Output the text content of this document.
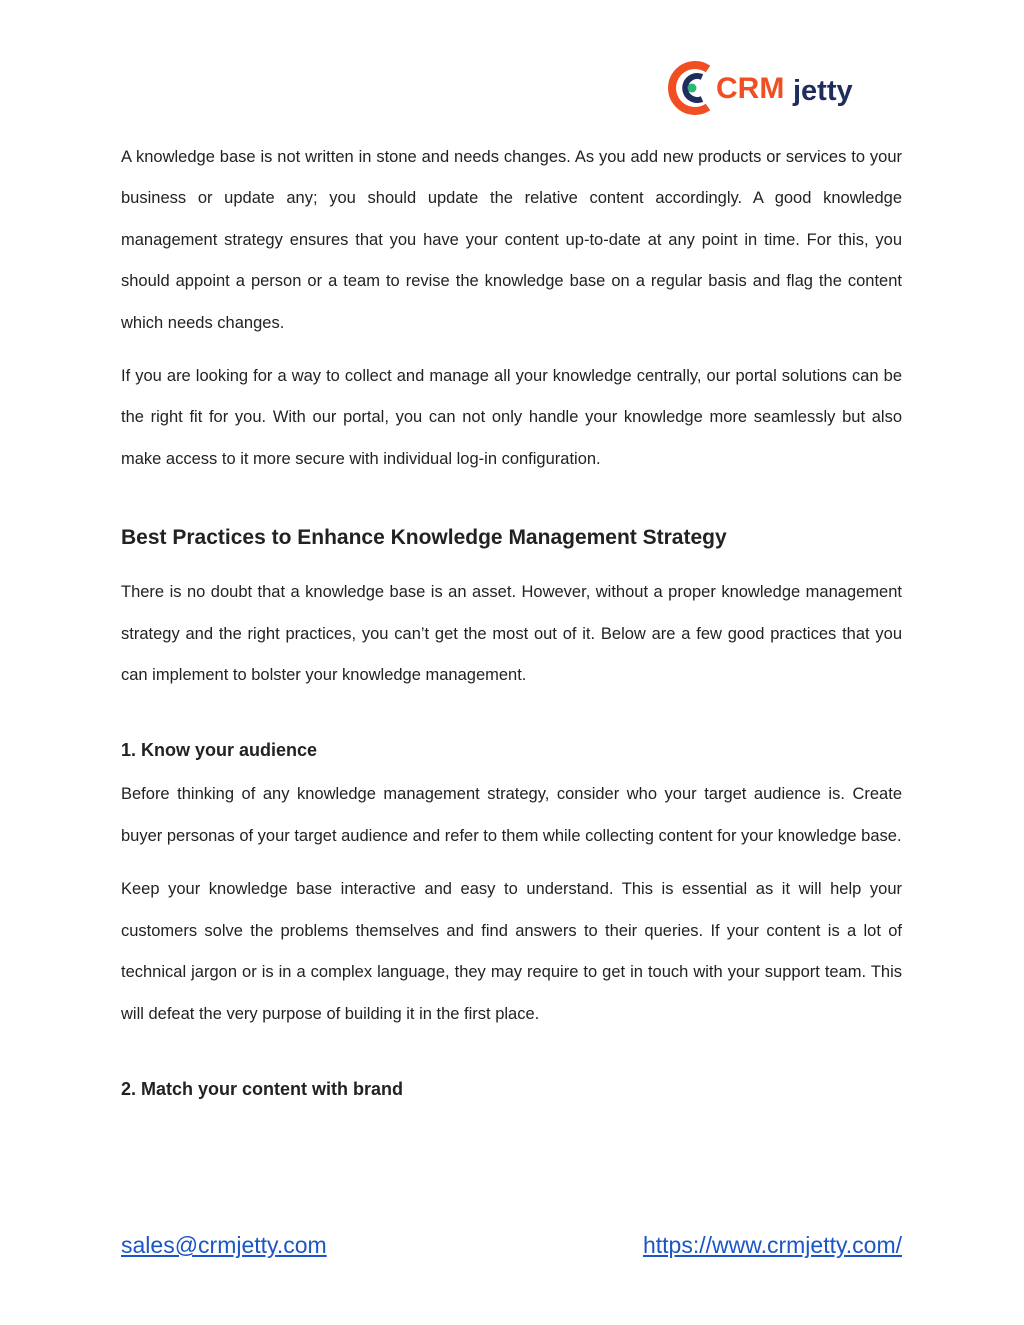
CRM jetty

A knowledge base is not written in stone and needs changes. As you add new products or services to your business or update any; you should update the relative content accordingly. A good knowledge management strategy ensures that you have your content up-to-date at any point in time. For this, you should appoint a person or a team to revise the knowledge base on a regular basis and flag the content which needs changes.

If you are looking for a way to collect and manage all your knowledge centrally, our portal solutions can be the right fit for you. With our portal, you can not only handle your knowledge more seamlessly but also make access to it more secure with individual log-in configuration.

Best Practices to Enhance Knowledge Management Strategy

There is no doubt that a knowledge base is an asset. However, without a proper knowledge management strategy and the right practices, you can’t get the most out of it. Below are a few good practices that you can implement to bolster your knowledge management.

1. Know your audience

Before thinking of any knowledge management strategy, consider who your target audience is. Create buyer personas of your target audience and refer to them while collecting content for your knowledge base.

Keep your knowledge base interactive and easy to understand. This is essential as it will help your customers solve the problems themselves and find answers to their queries. If your content is a lot of technical jargon or is in a complex language, they may require to get in touch with your support team. This will defeat the very purpose of building it in the first place.

2. Match your content with brand
sales@crmjetty.com	https://www.crmjetty.com/
